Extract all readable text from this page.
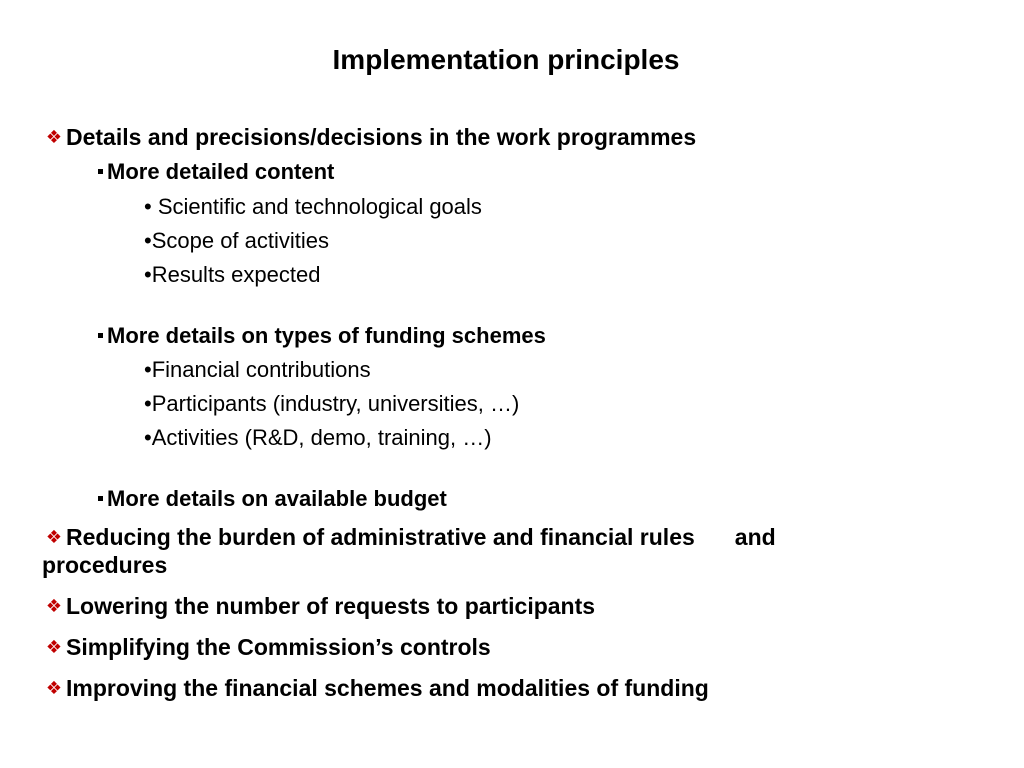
Implementation principles
❖ Details and precisions/decisions in the work programmes
More detailed content
• Scientific and technological goals
•Scope of activities
•Results expected
More details on types of funding schemes
•Financial contributions
•Participants (industry, universities, …)
•Activities (R&D, demo, training, …)
More details on available budget
❖ Reducing the burden of administrative and financial rules and
procedures
❖ Lowering the number of requests to participants
❖ Simplifying the Commission’s controls
❖ Improving the financial schemes and modalities of funding
